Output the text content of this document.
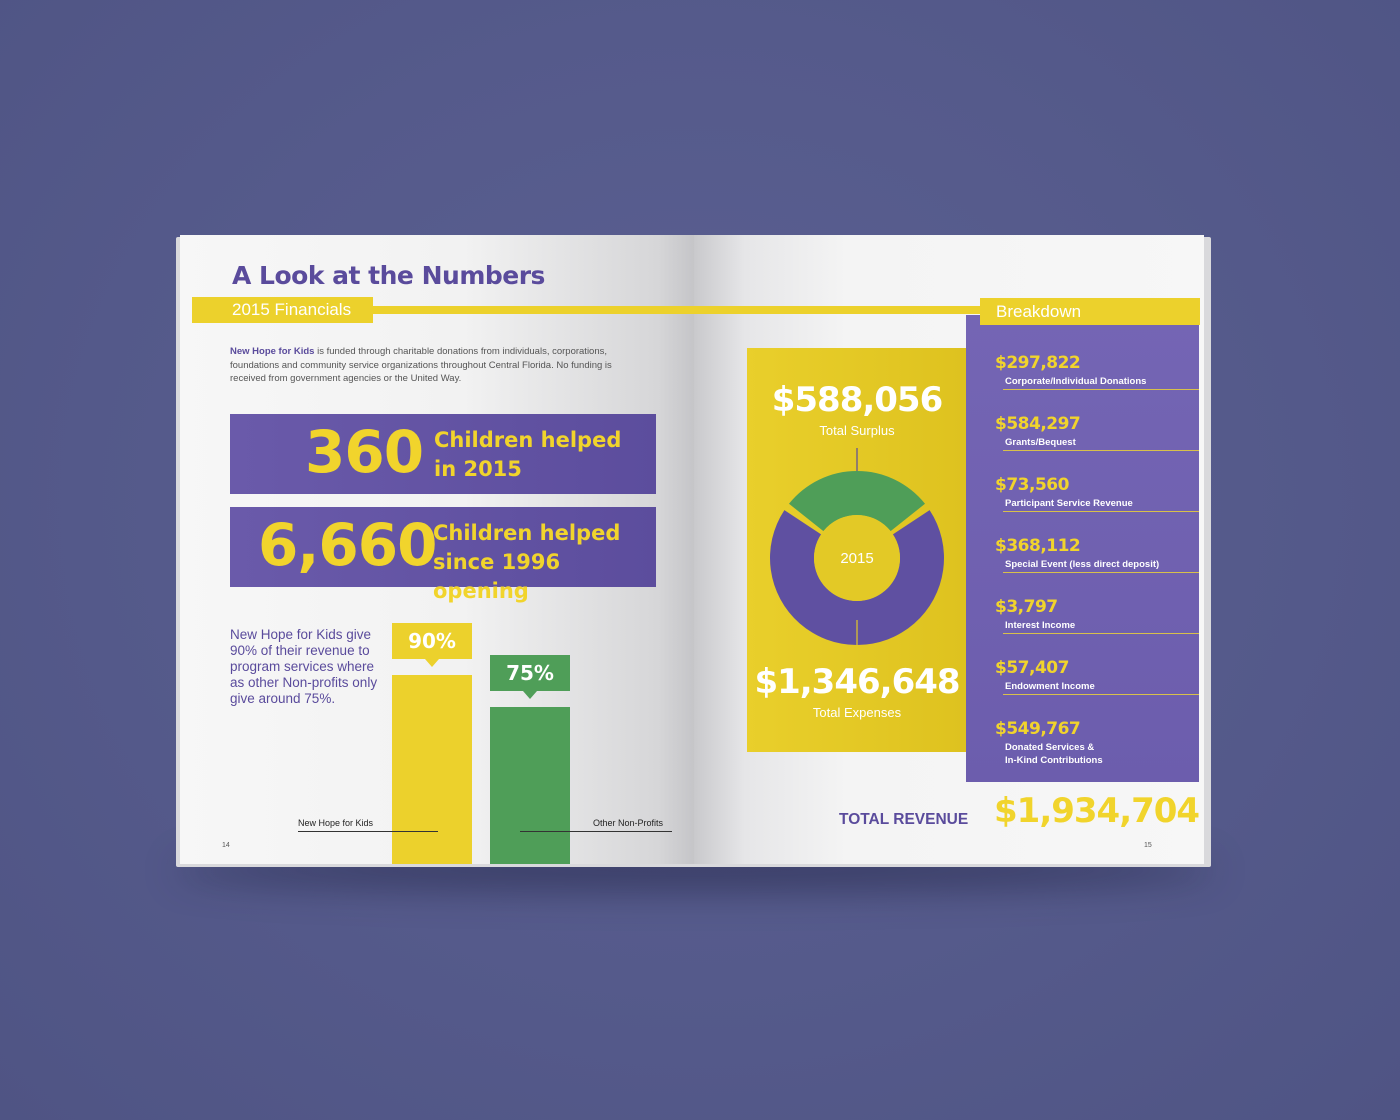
A Look at the Numbers
2015 Financials

New Hope for Kids is funded through charitable donations from individuals, corporations, foundations and community service organizations throughout Central Florida. No funding is received from government agencies or the United Way.

360 Children helped
in 2015
6,660
Children helped
since 1996 opening

New Hope for Kids give 90% of their revenue to program services where as other Non-profits only give around 75%.

90%
75%
New Hope for Kids	Other Non-Profits
14
$588,056
Total Surplus
2015
$1,346,648
Total Expenses
$297,822
Corporate/Individual Donations
$584,297
Grants/Bequest
$73,560
Participant Service Revenue
$368,112
Special Event (less direct deposit)
$3,797
Interest Income
$57,407
Endowment Income
$549,767
Donated Services &
In-Kind Contributions
Breakdown
TOTAL REVENUE $1,934,704
15
